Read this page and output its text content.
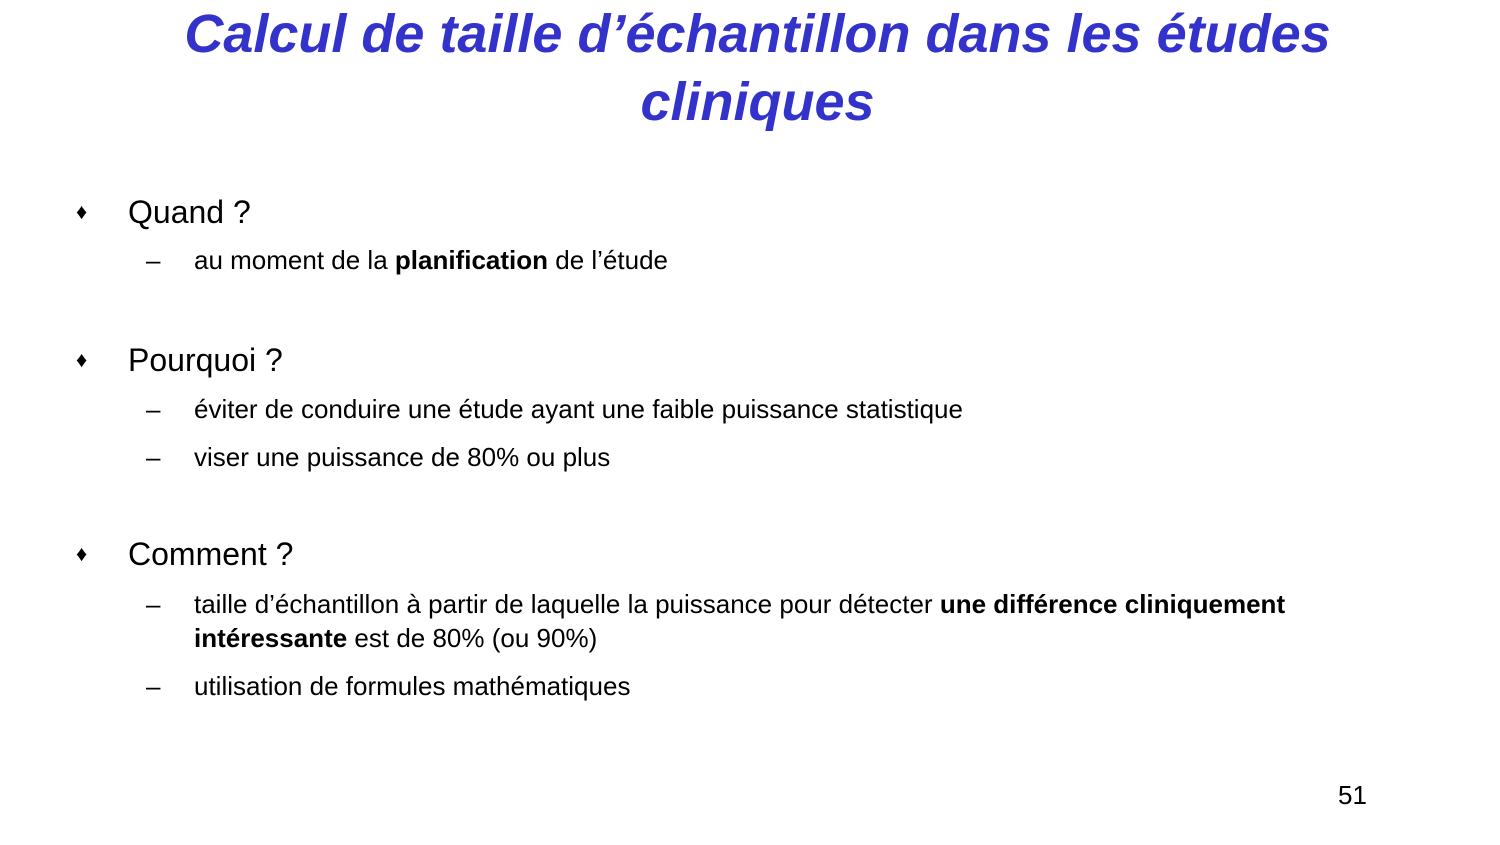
Calcul de taille d’échantillon dans les études cliniques
♦ Quand ?
– au moment de la planification de l’étude
♦ Pourquoi ?
– éviter de conduire une étude ayant une faible puissance statistique
– viser une puissance de 80% ou plus
♦ Comment ?
– taille d’échantillon à partir de laquelle la puissance pour détecter une différence cliniquement intéressante est de 80% (ou 90%)
– utilisation de formules mathématiques
51
